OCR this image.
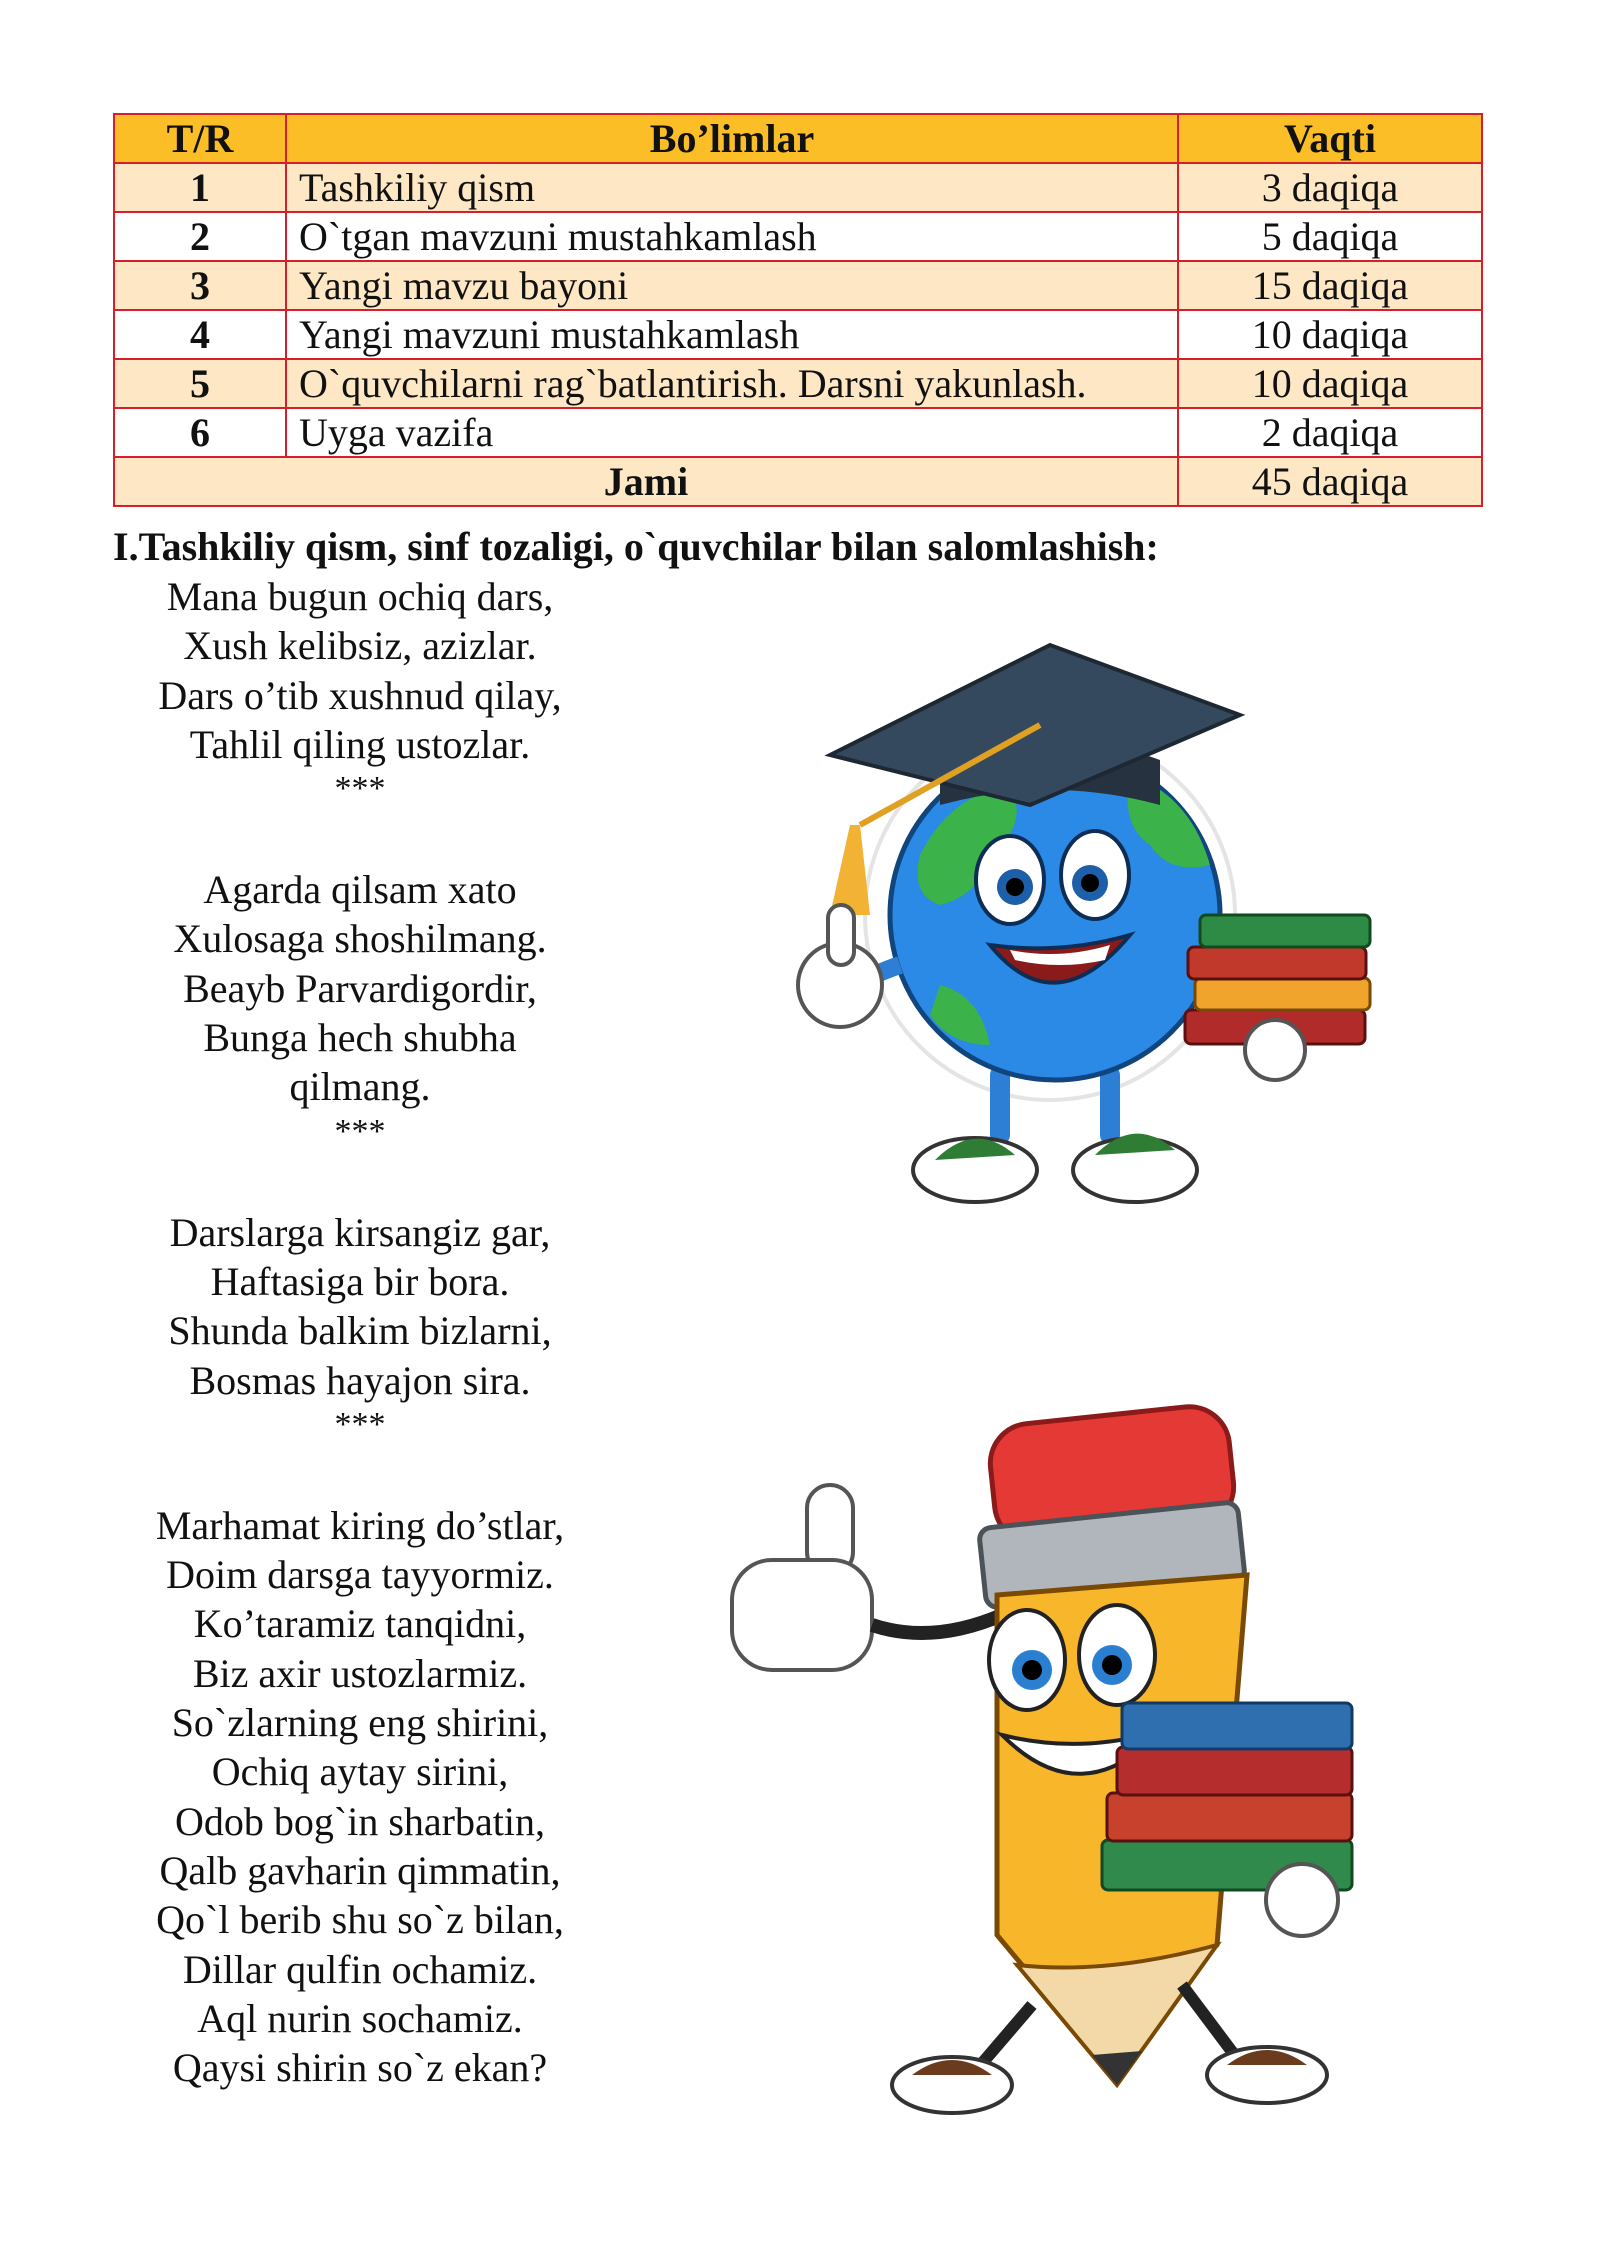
T/R	Bo’limlar	Vaqti
1	Tashkiliy qism	3 daqiqa
2	O`tgan mavzuni mustahkamlash	5 daqiqa
3	Yangi mavzu bayoni	15 daqiqa
4	Yangi mavzuni mustahkamlash	10 daqiqa
5	O`quvchilarni rag`batlantirish. Darsni yakunlash.	10 daqiqa
6	Uyga vazifa	2 daqiqa
Jami		45 daqiqa
I.Tashkiliy qism, sinf tozaligi, o`quvchilar bilan salomlashish:
Mana bugun ochiq dars,
Xush kelibsiz, azizlar.
Dars o’tib xushnud qilay,
Tahlil qiling ustozlar.
***
Agarda qilsam xato
Xulosaga shoshilmang.
Beayb Parvardigordir,
Bunga hech shubha
qilmang.
***
Darslarga kirsangiz gar,
Haftasiga bir bora.
Shunda balkim bizlarni,
Bosmas hayajon sira.
***
Marhamat kiring do’stlar,
Doim darsga tayyormiz.
Ko’taramiz tanqidni,
Biz axir ustozlarmiz.
So`zlarning eng shirini,
Ochiq aytay sirini,
Odob bog`in sharbatin,
Qalb gavharin qimmatin,
Qo`l berib shu so`z bilan,
Dillar qulfin ochamiz.
Aql nurin sochamiz.
Qaysi shirin so`z ekan?
